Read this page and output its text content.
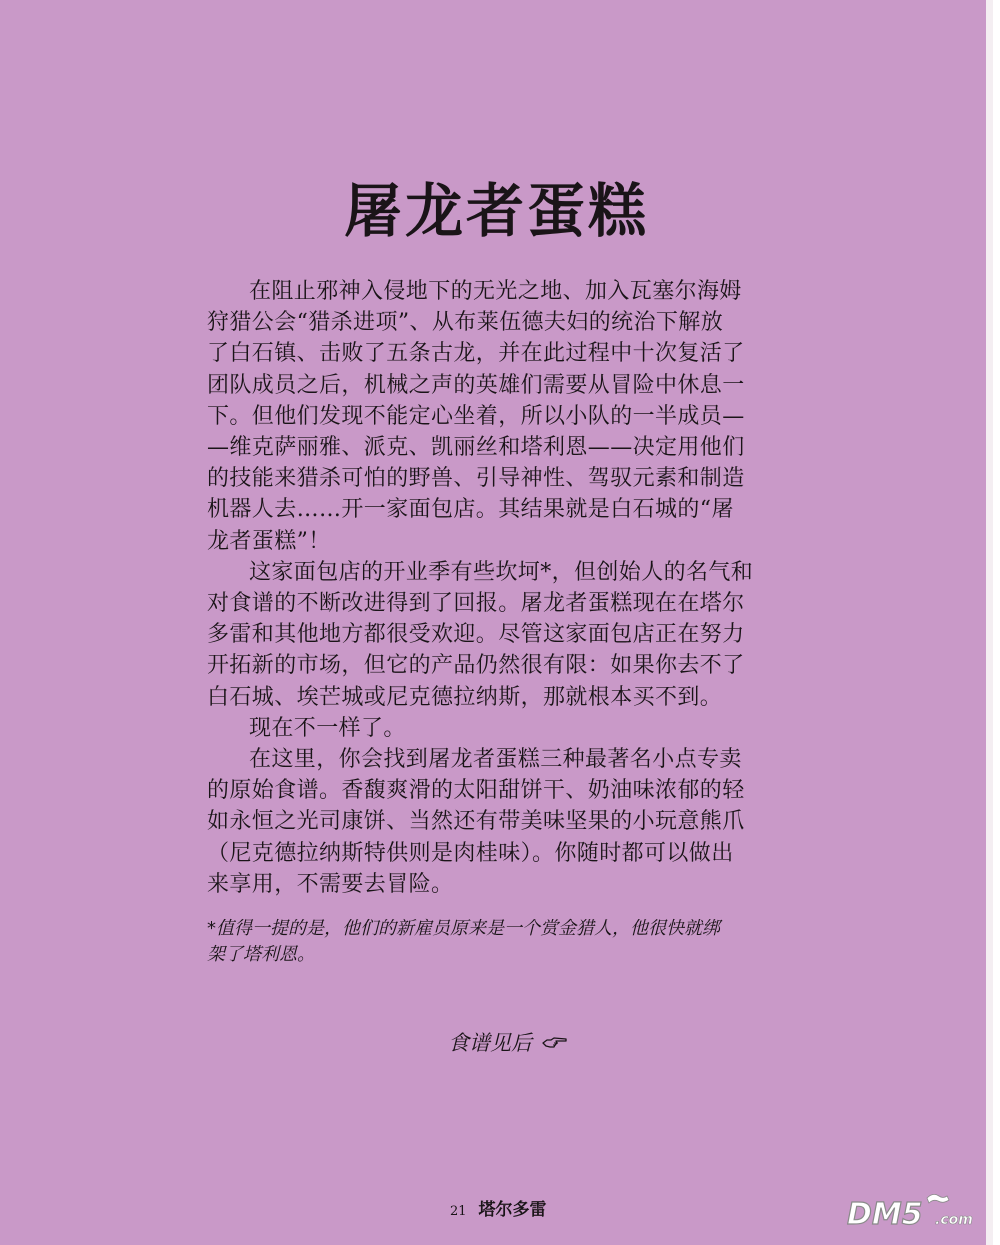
屠龙者蛋糕
在阻止邪神入侵地下的无光之地、加入瓦塞尔海姆
狩猎公会“猎杀进项”、从布莱伍德夫妇的统治下解放
了白石镇、击败了五条古龙，并在此过程中十次复活了
团队成员之后，机械之声的英雄们需要从冒险中休息一
下。但他们发现不能定心坐着，所以小队的一半成员—
—维克萨丽雅、派克、凯丽丝和塔利恩——决定用他们
的技能来猎杀可怕的野兽、引导神性、驾驭元素和制造
机器人去……开一家面包店。其结果就是白石城的“屠
龙者蛋糕”！
这家面包店的开业季有些坎坷*，但创始人的名气和
对食谱的不断改进得到了回报。屠龙者蛋糕现在在塔尔
多雷和其他地方都很受欢迎。尽管这家面包店正在努力
开拓新的市场，但它的产品仍然很有限：如果你去不了
白石城、埃芒城或尼克德拉纳斯，那就根本买不到。
现在不一样了。
在这里，你会找到屠龙者蛋糕三种最著名小点专卖
的原始食谱。香馥爽滑的太阳甜饼干、奶油味浓郁的轻
如永恒之光司康饼、当然还有带美味坚果的小玩意熊爪
（尼克德拉纳斯特供则是肉桂味）。你随时都可以做出
来享用，不需要去冒险。
*值得一提的是，他们的新雇员原来是一个赏金猎人，他很快就绑
架了塔利恩。
食谱见后
21 塔尔多雷	DM5 .com
